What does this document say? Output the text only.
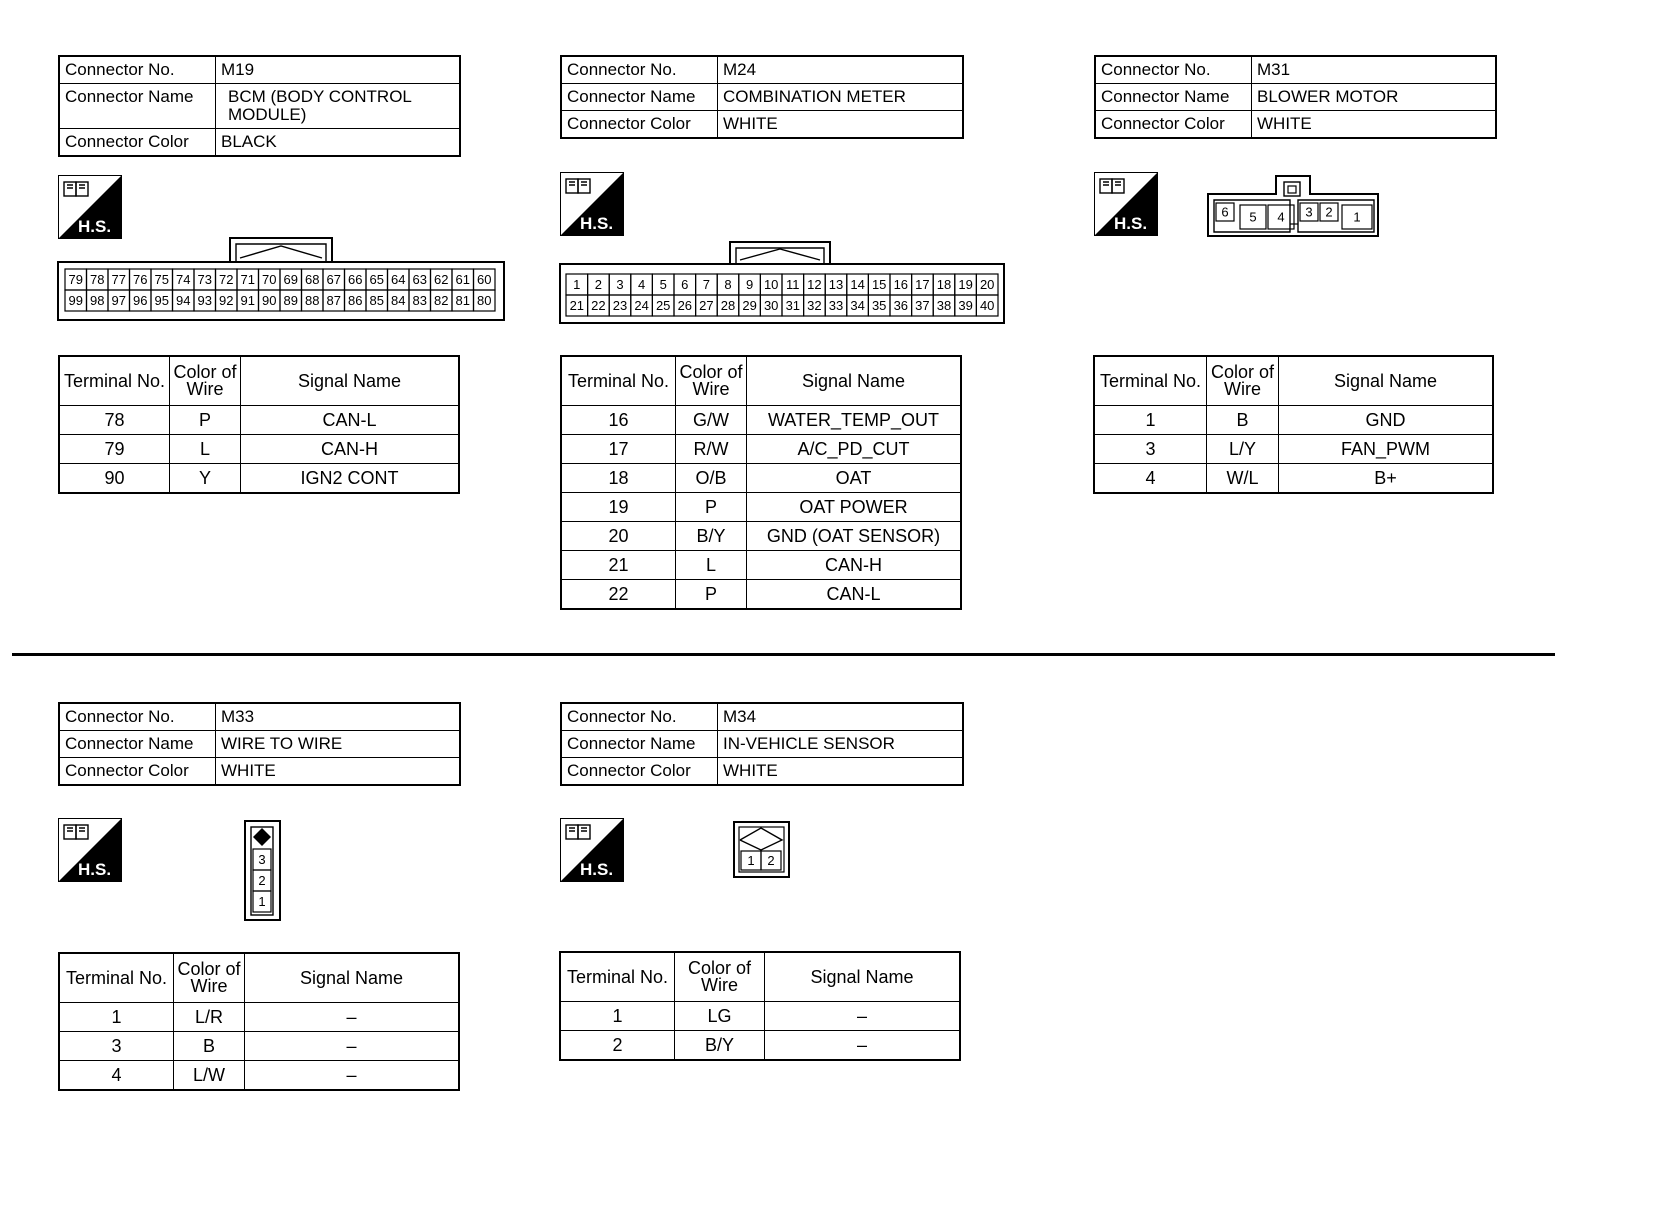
Connector No.	M19
Connector Name	BCM (BODY CONTROL MODULE)
Connector Color	BLACK
H.S.
79 78 77 76 75 74 73 72 71 70 69 68 67 66 65 64 63 62 61 60
99 98 97 96 95 94 93 92 91 90 89 88 87 86 85 84 83 82 81 80
Terminal No.	Color of Wire	Signal Name
78	P	CAN-L
79	L	CAN-H
90	Y	IGN2 CONT
Connector No.	M24
Connector Name	COMBINATION METER
Connector Color	WHITE
H.S.
1 2 3 4 5 6 7 8 9 10 11 12 13 14 15 16 17 18 19 20
21 22 23 24 25 26 27 28 29 30 31 32 33 34 35 36 37 38 39 40
Terminal No.	Color of Wire	Signal Name
16	G/W	WATER_TEMP_OUT
17	R/W	A/C_PD_CUT
18	O/B	OAT
19	P	OAT POWER
20	B/Y	GND (OAT SENSOR)
21	L	CAN-H
22	P	CAN-L
Connector No.	M31
Connector Name	BLOWER MOTOR
Connector Color	WHITE
H.S.
6 5 4 3 2 1
Terminal No.	Color of Wire	Signal Name
1	B	GND
3	L/Y	FAN_PWM
4	W/L	B+
Connector No.	M33
Connector Name	WIRE TO WIRE
Connector Color	WHITE
H.S.
3
2
1
Terminal No.	Color of Wire	Signal Name
1	L/R	–
3	B	–
4	L/W	–
Connector No.	M34
Connector Name	IN-VEHICLE SENSOR
Connector Color	WHITE
H.S.	1 2
Terminal No.	Color of Wire	Signal Name
1	LG	–
2	B/Y	–
